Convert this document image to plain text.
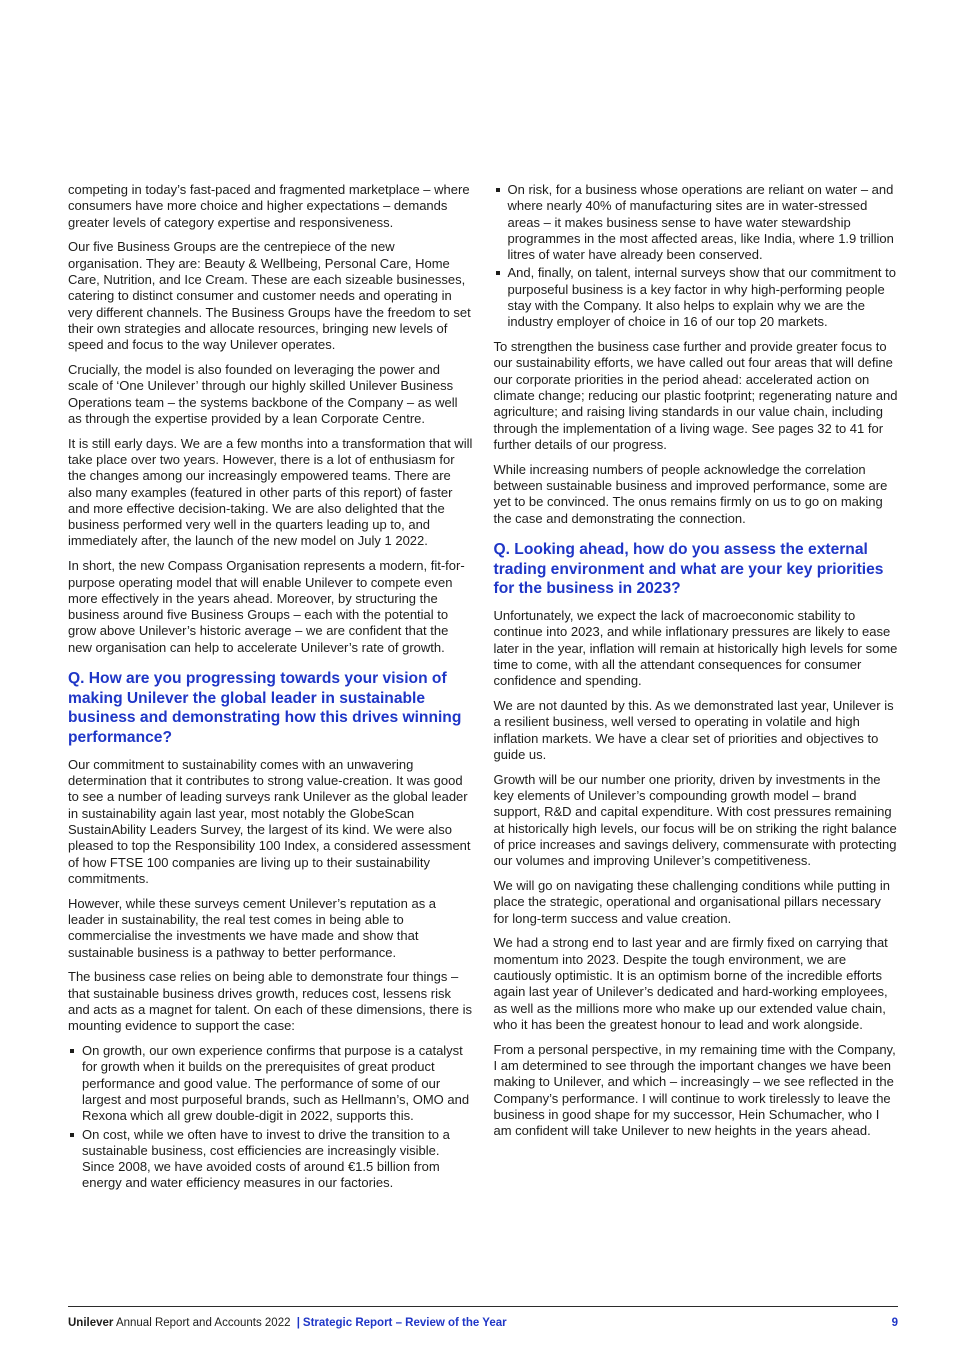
competing in today’s fast-paced and fragmented marketplace – where consumers have more choice and higher expectations – demands greater levels of category expertise and responsiveness.

Our five Business Groups are the centrepiece of the new organisation. They are: Beauty & Wellbeing, Personal Care, Home Care, Nutrition, and Ice Cream. These are each sizeable businesses, catering to distinct consumer and customer needs and operating in very different channels. The Business Groups have the freedom to set their own strategies and allocate resources, bringing new levels of speed and focus to the way Unilever operates.

Crucially, the model is also founded on leveraging the power and scale of ‘One Unilever’ through our highly skilled Unilever Business Operations team – the systems backbone of the Company – as well as through the expertise provided by a lean Corporate Centre.

It is still early days. We are a few months into a transformation that will take place over two years. However, there is a lot of enthusiasm for the changes among our increasingly empowered teams. There are also many examples (featured in other parts of this report) of faster and more effective decision-taking. We are also delighted that the business performed very well in the quarters leading up to, and immediately after, the launch of the new model on July 1 2022.

In short, the new Compass Organisation represents a modern, fit-for-purpose operating model that will enable Unilever to compete even more effectively in the years ahead. Moreover, by structuring the business around five Business Groups – each with the potential to grow above Unilever’s historic average – we are confident that the new organisation can help to accelerate Unilever’s rate of growth.

Q. How are you progressing towards your vision of making Unilever the global leader in sustainable business and demonstrating how this drives winning performance?

Our commitment to sustainability comes with an unwavering determination that it contributes to strong value-creation. It was good to see a number of leading surveys rank Unilever as the global leader in sustainability again last year, most notably the GlobeScan SustainAbility Leaders Survey, the largest of its kind. We were also pleased to top the Responsibility 100 Index, a considered assessment of how FTSE 100 companies are living up to their sustainability commitments.

However, while these surveys cement Unilever’s reputation as a leader in sustainability, the real test comes in being able to commercialise the investments we have made and show that sustainable business is a pathway to better performance.

The business case relies on being able to demonstrate four things – that sustainable business drives growth, reduces cost, lessens risk and acts as a magnet for talent. On each of these dimensions, there is mounting evidence to support the case:

On growth, our own experience confirms that purpose is a catalyst for growth when it builds on the prerequisites of great product performance and good value. The performance of some of our largest and most purposeful brands, such as Hellmann’s, OMO and Rexona which all grew double-digit in 2022, supports this.
On cost, while we often have to invest to drive the transition to a sustainable business, cost efficiencies are increasingly visible. Since 2008, we have avoided costs of around €1.5 billion from energy and water efficiency measures in our factories.
On risk, for a business whose operations are reliant on water – and where nearly 40% of manufacturing sites are in water-stressed areas – it makes business sense to have water stewardship programmes in the most affected areas, like India, where 1.9 trillion litres of water have already been conserved.
And, finally, on talent, internal surveys show that our commitment to purposeful business is a key factor in why high-performing people stay with the Company. It also helps to explain why we are the industry employer of choice in 16 of our top 20 markets.

To strengthen the business case further and provide greater focus to our sustainability efforts, we have called out four areas that will define our corporate priorities in the period ahead: accelerated action on climate change; reducing our plastic footprint; regenerating nature and agriculture; and raising living standards in our value chain, including through the implementation of a living wage. See pages 32 to 41 for further details of our progress.

While increasing numbers of people acknowledge the correlation between sustainable business and improved performance, some are yet to be convinced. The onus remains firmly on us to go on making the case and demonstrating the connection.

Q. Looking ahead, how do you assess the external trading environment and what are your key priorities for the business in 2023?

Unfortunately, we expect the lack of macroeconomic stability to continue into 2023, and while inflationary pressures are likely to ease later in the year, inflation will remain at historically high levels for some time to come, with all the attendant consequences for consumer confidence and spending.

We are not daunted by this. As we demonstrated last year, Unilever is a resilient business, well versed to operating in volatile and high inflation markets. We have a clear set of priorities and objectives to guide us.

Growth will be our number one priority, driven by investments in the key elements of Unilever’s compounding growth model – brand support, R&D and capital expenditure. With cost pressures remaining at historically high levels, our focus will be on striking the right balance of price increases and savings delivery, commensurate with protecting our volumes and improving Unilever’s competitiveness.

We will go on navigating these challenging conditions while putting in place the strategic, operational and organisational pillars necessary for long-term success and value creation.

We had a strong end to last year and are firmly fixed on carrying that momentum into 2023. Despite the tough environment, we are cautiously optimistic. It is an optimism borne of the incredible efforts again last year of Unilever’s dedicated and hard-working employees, as well as the millions more who make up our extended value chain, who it has been the greatest honour to lead and work alongside.

From a personal perspective, in my remaining time with the Company, I am determined to see through the important changes we have been making to Unilever, and which – increasingly – we see reflected in the Company’s performance. I will continue to work tirelessly to leave the business in good shape for my successor, Hein Schumacher, who I am confident will take Unilever to new heights in the years ahead.

Unilever Annual Report and Accounts 2022 | Strategic Report – Review of the Year	9
